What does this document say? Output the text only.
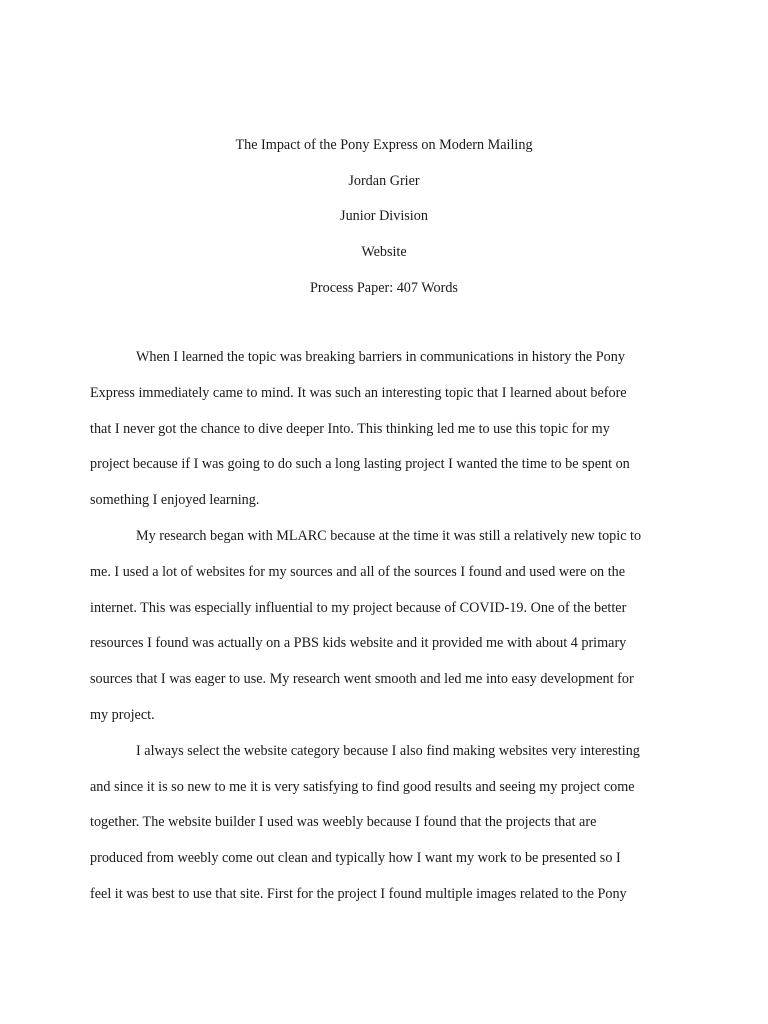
The Impact of the Pony Express on Modern Mailing

Jordan Grier

Junior Division

Website

Process Paper: 407 Words

When I learned the topic was breaking barriers in communications in history the Pony
Express immediately came to mind. It was such an interesting topic that I learned about before
that I never got the chance to dive deeper Into. This thinking led me to use this topic for my
project because if I was going to do such a long lasting project I wanted the time to be spent on
something I enjoyed learning.

My research began with MLARC because at the time it was still a relatively new topic to
me. I used a lot of websites for my sources and all of the sources I found and used were on the
internet. This was especially influential to my project because of COVID-19. One of the better
resources I found was actually on a PBS kids website and it provided me with about 4 primary
sources that I was eager to use. My research went smooth and led me into easy development for
my project.

I always select the website category because I also find making websites very interesting
and since it is so new to me it is very satisfying to find good results and seeing my project come
together. The website builder I used was weebly because I found that the projects that are
produced from weebly come out clean and typically how I want my work to be presented so I
feel it was best to use that site. First for the project I found multiple images related to the Pony
